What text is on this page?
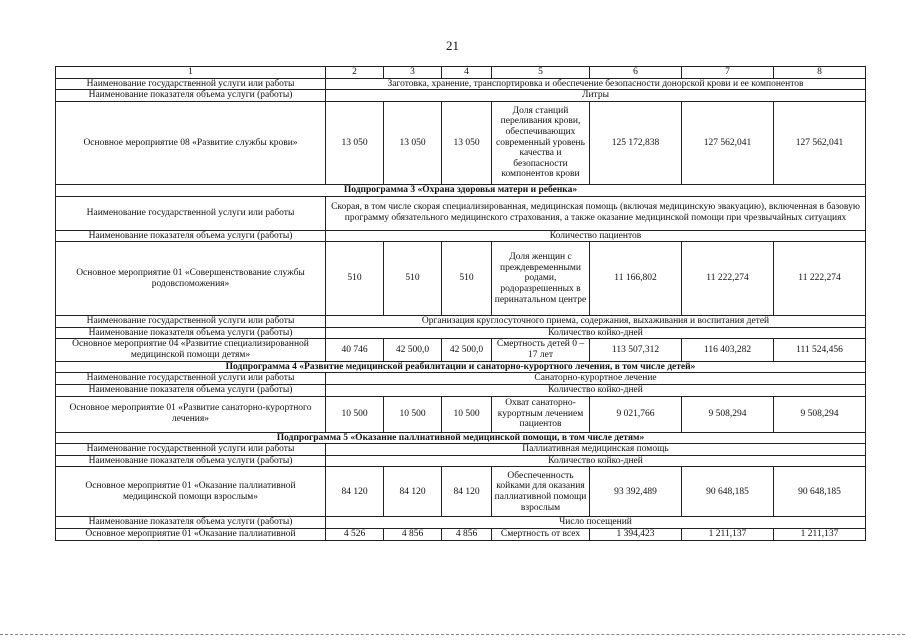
21
1	2	3	4	5	6	7	8
Наименование государственной услуги или работы	Заготовка, хранение, транспортировка и обеспечение безопасности донорской крови и ее компонентов						
Наименование показателя объема услуги (работы)	Литры						
Основное мероприятие 08 «Развитие службы крови»	13 050	13 050	13 050	Доля станций переливания крови, обеспечивающих современный уровень качества и безопасности компонентов крови	125 172,838	127 562,041	127 562,041
Подпрограмма 3 «Охрана здоровья матери и ребенка»							
Наименование государственной услуги или работы	Скорая, в том числе скорая специализированная, медицинская помощь (включая медицинскую эвакуацию), включенная в базовую программу обязательного медицинского страхования, а также оказание медицинской помощи при чрезвычайных ситуациях						
Наименование показателя объема услуги (работы)	Количество пациентов						
Основное мероприятие 01 «Совершенствование службы родовспоможения»	510	510	510	Доля женщин с преждевременными родами, родоразрешенных в перинатальном центре	11 166,802	11 222,274	11 222,274
Наименование государственной услуги или работы	Организация круглосуточного приема, содержания, выхаживания и воспитания детей						
Наименование показателя объема услуги (работы)	Количество койко-дней						
Основное мероприятие 04 «Развитие специализированной медицинской помощи детям»	40 746	42 500,0	42 500,0	Смертность детей 0 – 17 лет	113 507,312	116 403,282	111 524,456
Подпрограмма 4 «Развитие медицинской реабилитации и санаторно-курортного лечения, в том числе детей»							
Наименование государственной услуги или работы	Санаторно-курортное лечение						
Наименование показателя объема услуги (работы)	Количество койко-дней						
Основное мероприятие 01 «Развитие санаторно-курортного лечения»	10 500	10 500	10 500	Охват санаторно-курортным лечением пациентов	9 021,766	9 508,294	9 508,294
Подпрограмма 5 «Оказание паллиативной медицинской помощи, в том числе детям»							
Наименование государственной услуги или работы	Паллиативная медицинская помощь						
Наименование показателя объема услуги (работы)	Количество койко-дней						
Основное мероприятие 01 «Оказание паллиативной медицинской помощи взрослым»	84 120	84 120	84 120	Обеспеченность койками для оказания паллиативной помощи взрослым	93 392,489	90 648,185	90 648,185
Наименование показателя объема услуги (работы)	Число посещений						
Основное мероприятие 01 «Оказание паллиативной	4 526	4 856	4 856	Смертность от всех	1 394,423	1 211,137	1 211,137
